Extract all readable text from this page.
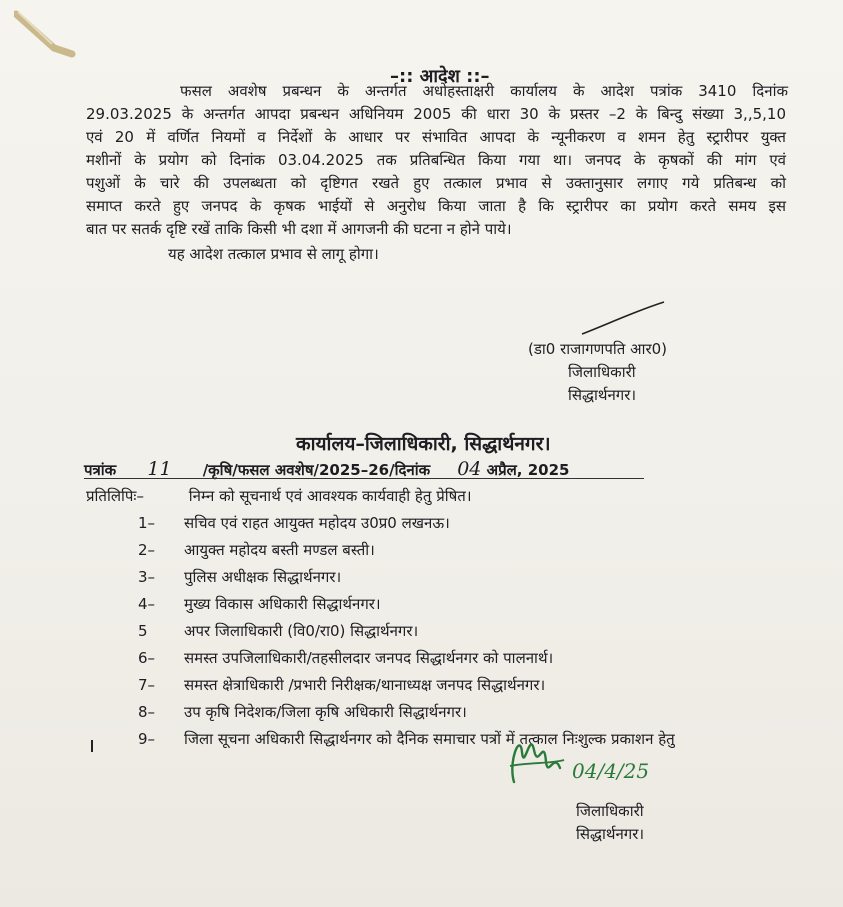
–:: आदेश ::–
फसल अवशेष प्रबन्धन के अन्तर्गत अधोहस्ताक्षरी कार्यालय के आदेश पत्रांक 3410 दिनांक
29.03.2025 के अन्तर्गत आपदा प्रबन्धन अधिनियम 2005 की धारा 30 के प्रस्तर –2 के बिन्दु संख्या 3,,5,10
एवं 20 में वर्णित नियमों व निर्देशों के आधार पर संभावित आपदा के न्यूनीकरण व शमन हेतु स्ट्रारीपर युक्त
मशीनों के प्रयोग को दिनांक 03.04.2025 तक प्रतिबन्धित किया गया था। जनपद के कृषकों की मांग एवं
पशुओं के चारे की उपलब्धता को दृष्टिगत रखते हुए तत्काल प्रभाव से उक्तानुसार लगाए गये प्रतिबन्ध को
समाप्त करते हुए जनपद के कृषक भाईयों से अनुरोध किया जाता है कि स्ट्रारीपर का प्रयोग करते समय इस
बात पर सतर्क दृष्टि रखें ताकि किसी भी दशा में आगजनी की घटना न होने पाये।
यह आदेश तत्काल प्रभाव से लागू होगा।
(डा0 राजागणपति आर0)
जिलाधिकारी
सिद्धार्थनगर।
कार्यालय–जिलाधिकारी, सिद्धार्थनगर।
पत्रांक 11 /कृषि/फसल अवशेष/2025–26/दिनांक 04 अप्रैल, 2025
प्रतिलिपिः–	निम्न को सूचनार्थ एवं आवश्यक कार्यवाही हेतु प्रेषित।
1– सचिव एवं राहत आयुक्त महोदय उ0प्र0 लखनऊ।
2– आयुक्त महोदय बस्ती मण्डल बस्ती।
3– पुलिस अधीक्षक सिद्धार्थनगर।
4– मुख्य विकास अधिकारी सिद्धार्थनगर।
5 अपर जिलाधिकारी (वि0/रा0) सिद्धार्थनगर।
6– समस्त उपजिलाधिकारी/तहसीलदार जनपद सिद्धार्थनगर को पालनार्थ।
7– समस्त क्षेत्राधिकारी /प्रभारी निरीक्षक/थानाध्यक्ष जनपद सिद्धार्थनगर।
8– उप कृषि निदेशक/जिला कृषि अधिकारी सिद्धार्थनगर।
9– जिला सूचना अधिकारी सिद्धार्थनगर को दैनिक समाचार पत्रों में तत्काल निःशुल्क प्रकाशन हेतु
04/4/25
जिलाधिकारी
सिद्धार्थनगर।
